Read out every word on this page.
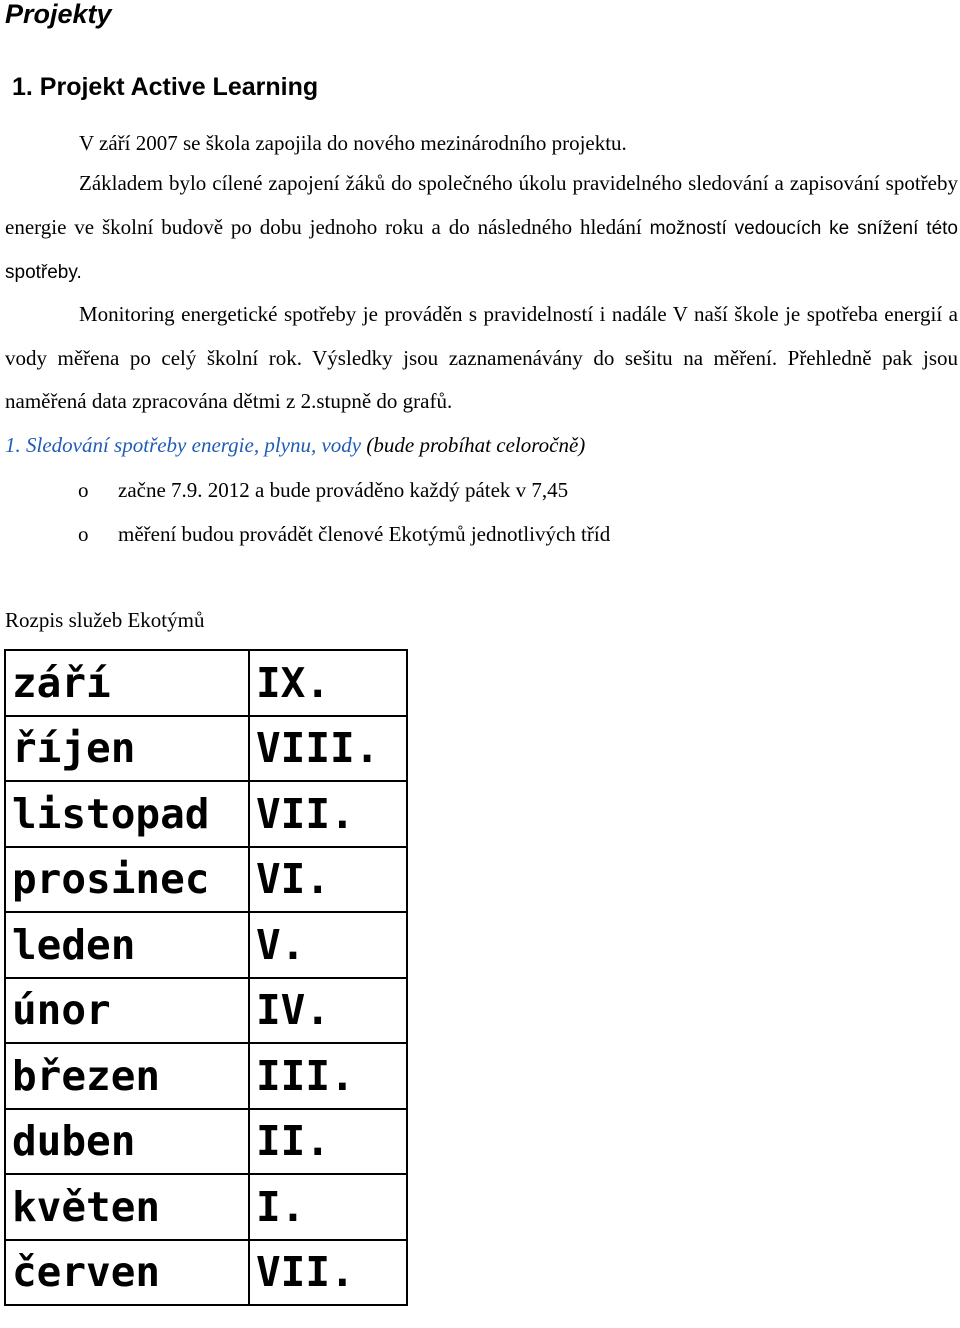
Projekty
1. Projekt Active Learning

V září 2007 se škola zapojila do nového mezinárodního projektu.

Základem bylo cílené zapojení žáků do společného úkolu pravidelného sledování a zapisování spotřeby energie ve školní budově po dobu jednoho roku a do následného hledání možností vedoucích ke snížení této spotřeby.

Monitoring energetické spotřeby je prováděn s pravidelností i nadále V naší škole je spotřeba energií a vody měřena po celý školní rok. Výsledky jsou zaznamenávány do sešitu na měření. Přehledně pak jsou naměřená data zpracována dětmi z 2.stupně do grafů.

1. Sledování spotřeby energie, plynu, vody (bude probíhat celoročně)

o začne 7.9. 2012 a bude prováděno každý pátek v 7,45
o měření budou provádět členové Ekotýmů jednotlivých tříd

Rozpis služeb Ekotýmů

září	IX.
říjen	VIII.
listopad	VII.
prosinec	VI.
leden	V.
únor	IV.
březen	III.
duben	II.
květen	I.
červen	VII.
